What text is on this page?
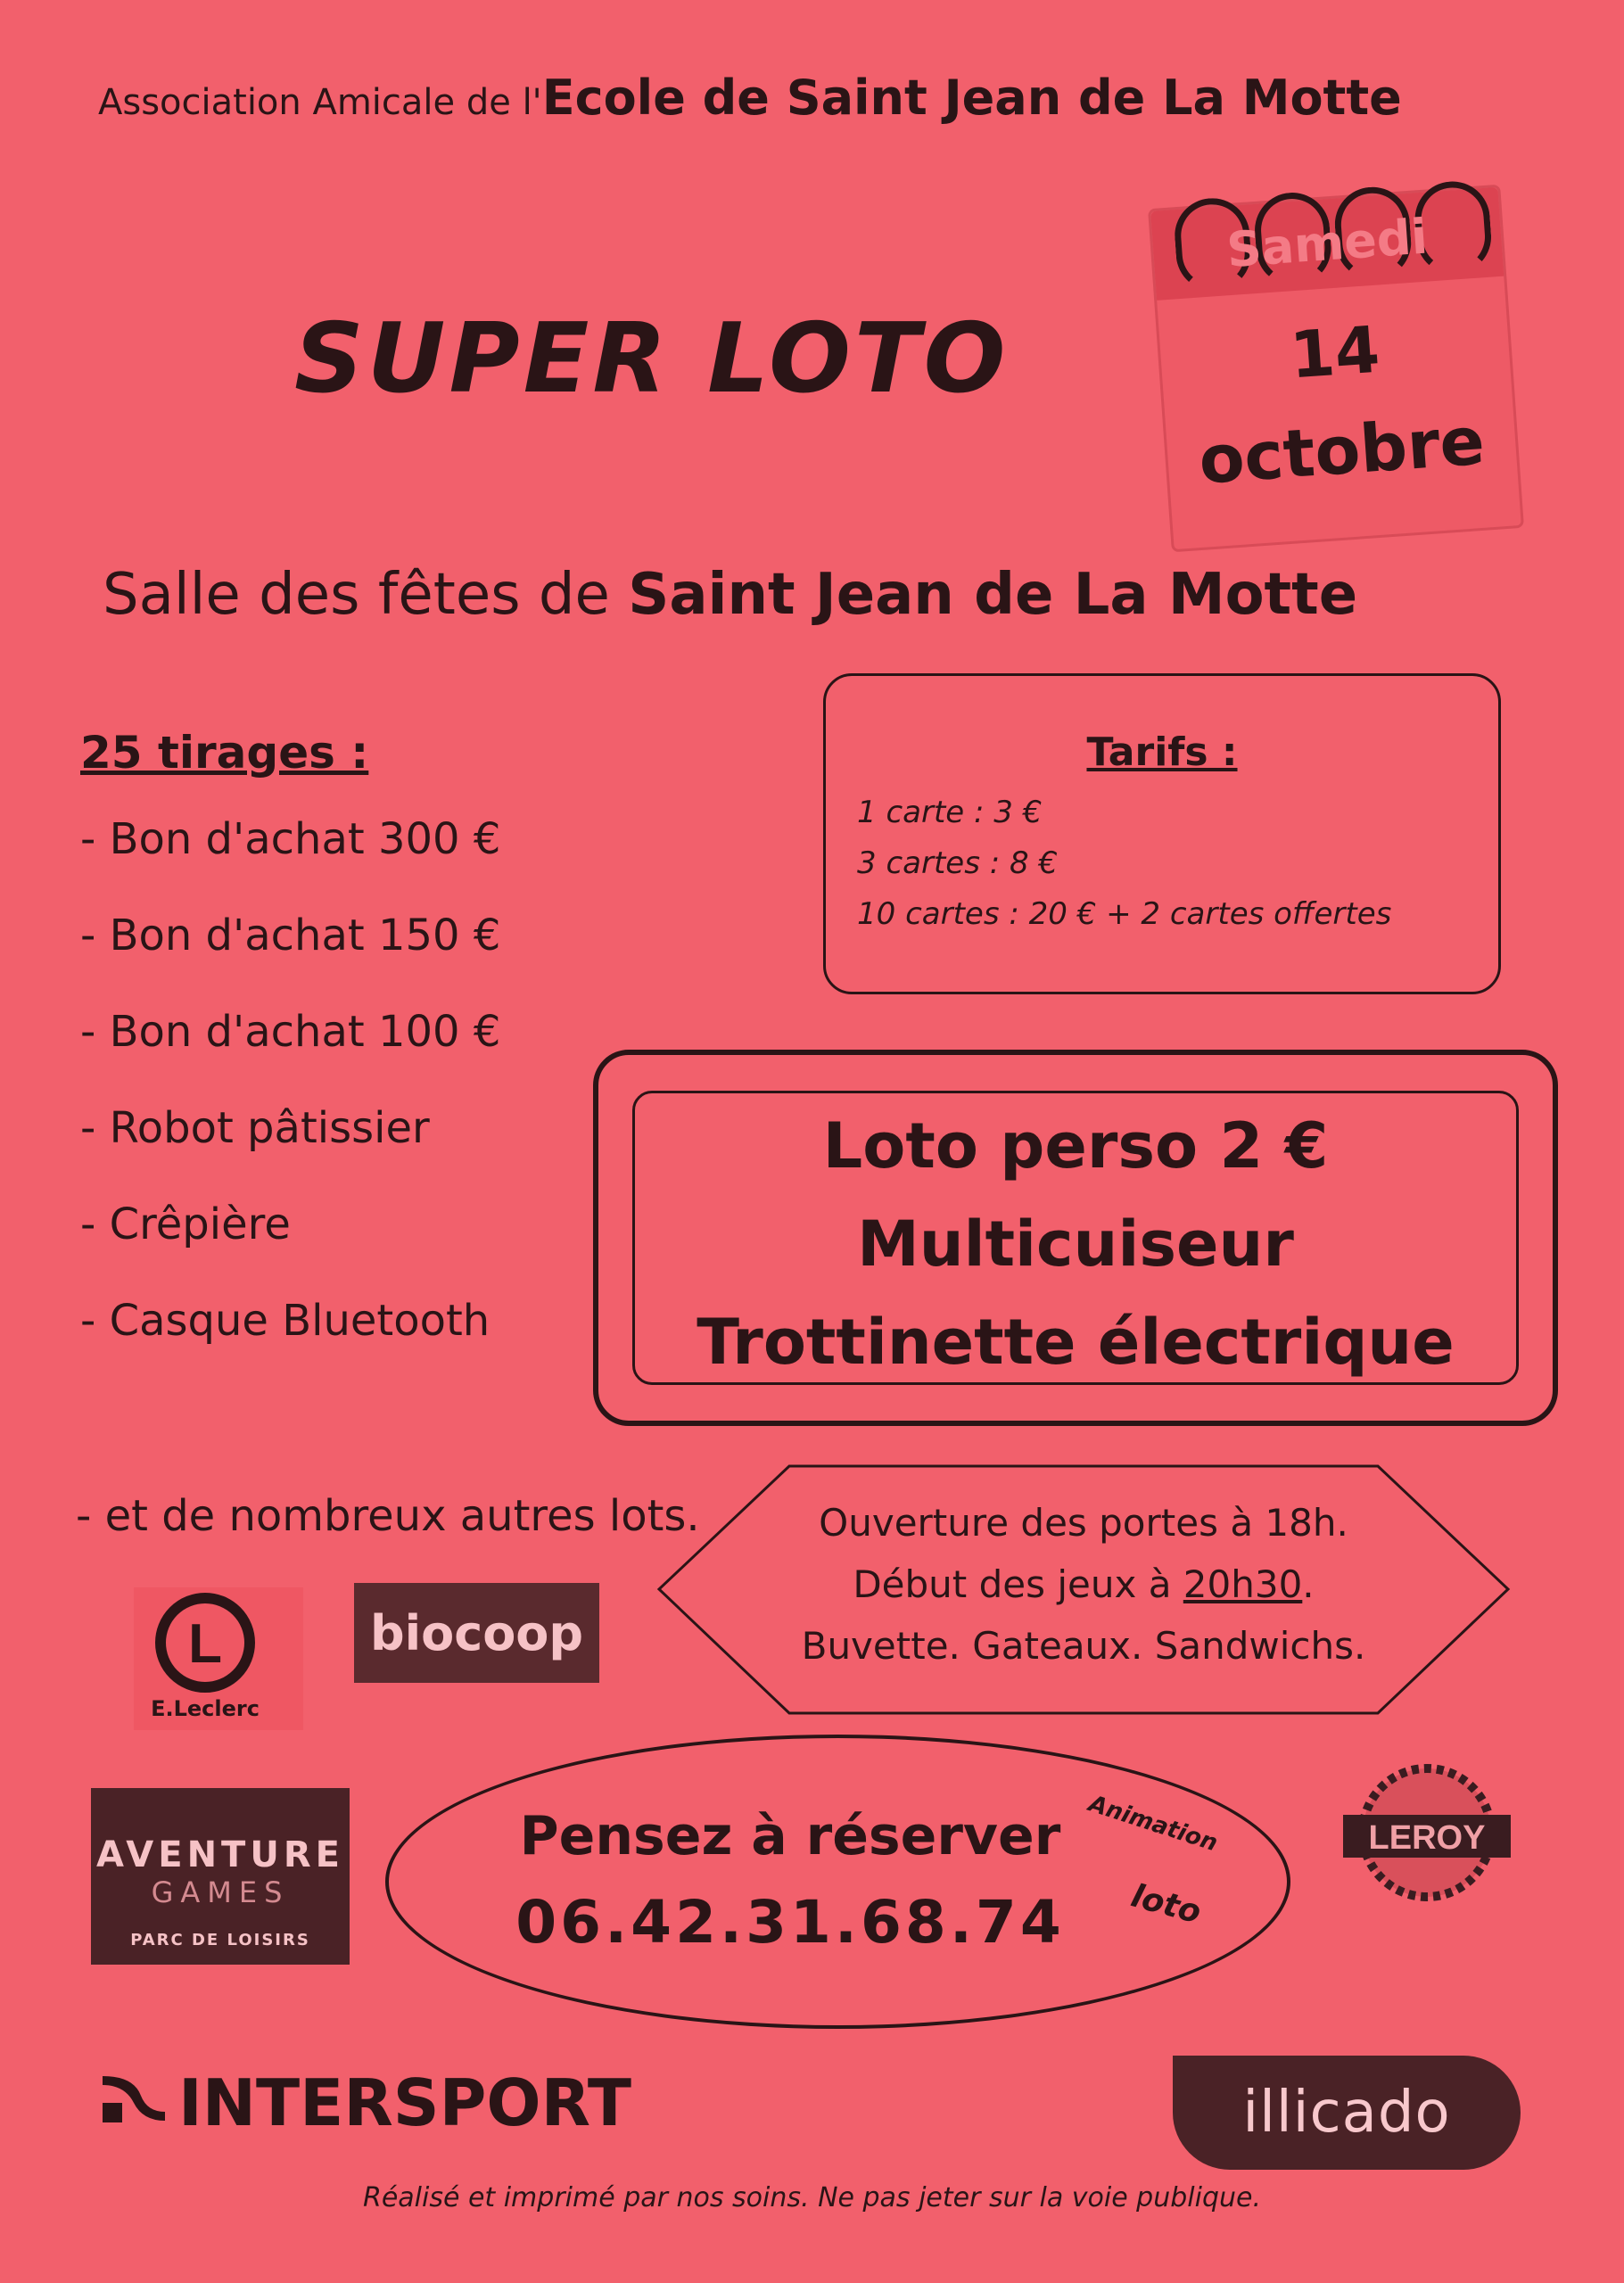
Association Amicale de l'Ecole de Saint Jean de La Motte
SUPER LOTO
Samedi
14
octobre
Salle des fêtes de Saint Jean de La Motte
25 tirages :
- Bon d'achat 300 €
- Bon d'achat 150 €
- Bon d'achat 100 €
- Robot pâtissier
- Crêpière
- Casque Bluetooth
- et de nombreux autres lots.
Tarifs :
1 carte : 3 €
3 cartes : 8 €
10 cartes : 20 € + 2 cartes offertes
Loto perso 2 €
Multicuiseur
Trottinette électrique
Ouverture des portes à 18h.
Début des jeux à 20h30.
Buvette. Gateaux. Sandwichs.
Pensez à réserver
06.42.31.68.74
Animation
loto
L
E.Leclerc
biocoop
AVENTURE
GAMES
PARC DE LOISIRS
LEROY
INTERSPORT	illicado
Réalisé et imprimé par nos soins. Ne pas jeter sur la voie publique.
